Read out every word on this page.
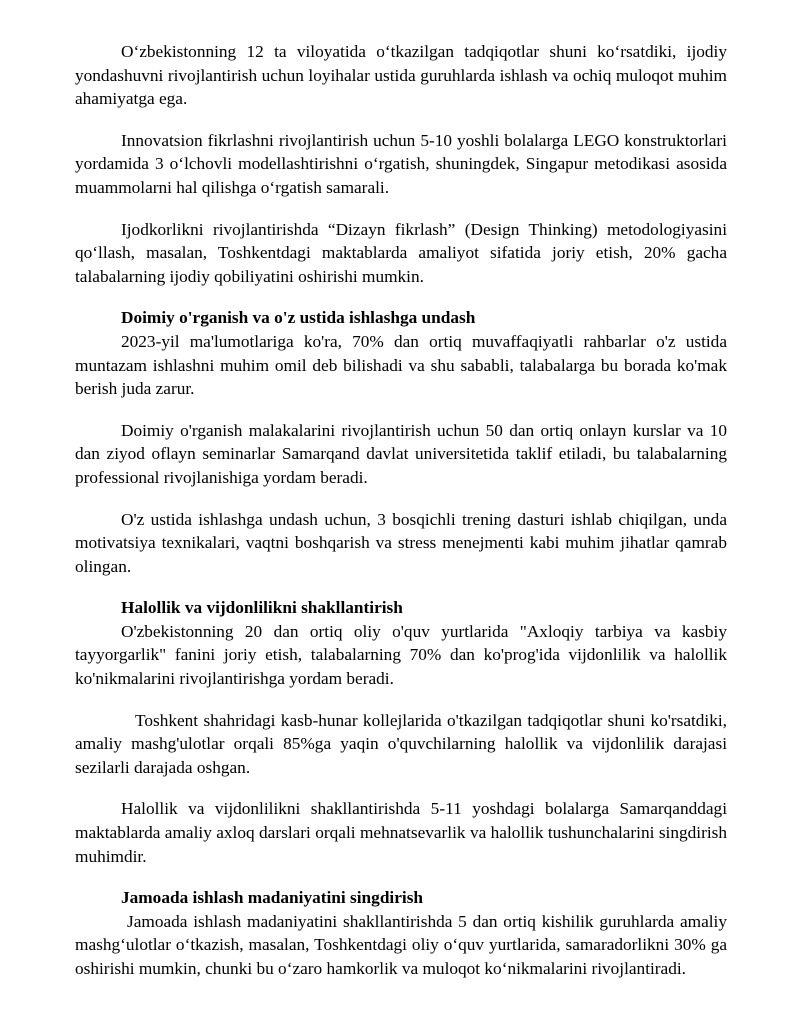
O‘zbekistonning 12 ta viloyatida o‘tkazilgan tadqiqotlar shuni ko‘rsatdiki, ijodiy yondashuvni rivojlantirish uchun loyihalar ustida guruhlarda ishlash va ochiq muloqot muhim ahamiyatga ega.

Innovatsion fikrlashni rivojlantirish uchun 5-10 yoshli bolalarga LEGO konstruktorlari yordamida 3 o‘lchovli modellashtirishni o‘rgatish, shuningdek, Singapur metodikasi asosida muammolarni hal qilishga o‘rgatish samarali.

Ijodkorlikni rivojlantirishda “Dizayn fikrlash” (Design Thinking) metodologiyasini qo‘llash, masalan, Toshkentdagi maktablarda amaliyot sifatida joriy etish, 20% gacha talabalarning ijodiy qobiliyatini oshirishi mumkin.

Doimiy o'rganish va o'z ustida ishlashga undash

2023-yil ma'lumotlariga ko'ra, 70% dan ortiq muvaffaqiyatli rahbarlar o'z ustida muntazam ishlashni muhim omil deb bilishadi va shu sababli, talabalarga bu borada ko'mak berish juda zarur.

Doimiy o'rganish malakalarini rivojlantirish uchun 50 dan ortiq onlayn kurslar va 10 dan ziyod oflayn seminarlar Samarqand davlat universitetida taklif etiladi, bu talabalarning professional rivojlanishiga yordam beradi.

O'z ustida ishlashga undash uchun, 3 bosqichli trening dasturi ishlab chiqilgan, unda motivatsiya texnikalari, vaqtni boshqarish va stress menejmenti kabi muhim jihatlar qamrab olingan.

Halollik va vijdonlilikni shakllantirish

O'zbekistonning 20 dan ortiq oliy o'quv yurtlarida "Axloqiy tarbiya va kasbiy tayyorgarlik" fanini joriy etish, talabalarning 70% dan ko'prog'ida vijdonlilik va halollik ko'nikmalarini rivojlantirishga yordam beradi.

Toshkent shahridagi kasb-hunar kollejlarida o'tkazilgan tadqiqotlar shuni ko'rsatdiki, amaliy mashg'ulotlar orqali 85%ga yaqin o'quvchilarning halollik va vijdonlilik darajasi sezilarli darajada oshgan.

Halollik va vijdonlilikni shakllantirishda 5-11 yoshdagi bolalarga Samarqanddagi maktablarda amaliy axloq darslari orqali mehnatsevarlik va halollik tushunchalarini singdirish muhimdir.

Jamoada ishlash madaniyatini singdirish

Jamoada ishlash madaniyatini shakllantirishda 5 dan ortiq kishilik guruhlarda amaliy mashg‘ulotlar o‘tkazish, masalan, Toshkentdagi oliy o‘quv yurtlarida, samaradorlikni 30% ga oshirishi mumkin, chunki bu o‘zaro hamkorlik va muloqot ko‘nikmalarini rivojlantiradi.
